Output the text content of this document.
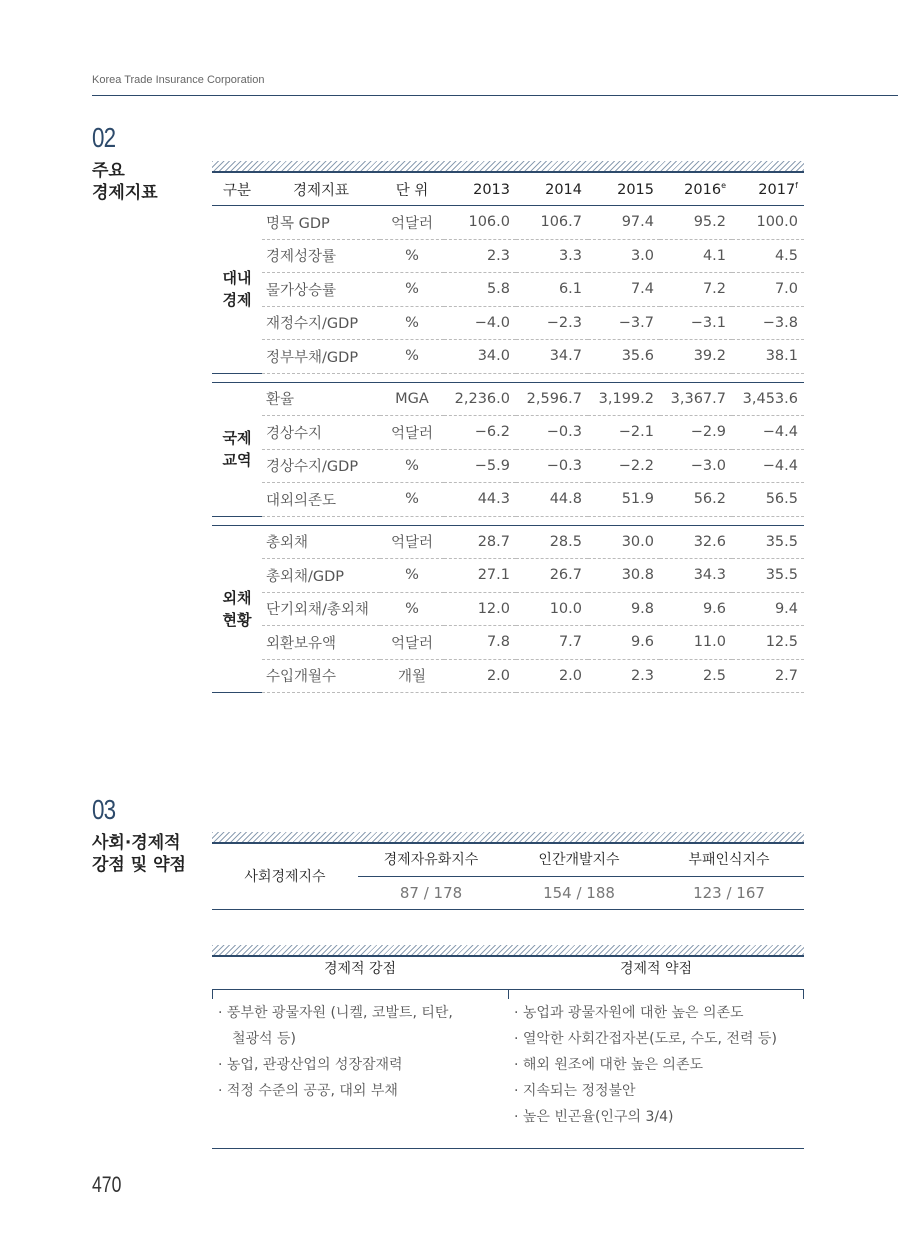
Korea Trade Insurance Corporation
02
주요
경제지표	구분	경제지표	단 위	2013	2014	2015	2016e	2017$^f$

대내
경제	명목 GDP	억달러	106.0	106.7	97.4	95.2	100.0
	경제성장률	%	2.3	3.3	3.0	4.1	4.5
	물가상승률	%	5.8	6.1	7.4	7.2	7.0
	재정수지/GDP	%	−4.0	−2.3	−3.7	−3.1	−3.8
	정부부채/GDP	%	34.0	34.7	35.6	39.2	38.1

국제
교역	환율	MGA	2,236.0	2,596.7	3,199.2	3,367.7	3,453.6
	경상수지	억달러	−6.2	−0.3	−2.1	−2.9	−4.4
	경상수지/GDP	%	−5.9	−0.3	−2.2	−3.0	−4.4
	대외의존도	%	44.3	44.8	51.9	56.2	56.5

외채
현황	총외채	억달러	28.7	28.5	30.0	32.6	35.5
	총외채/GDP	%	27.1	26.7	30.8	34.3	35.5
	단기외채/총외채	%	12.0	10.0	9.8	9.6	9.4
	외환보유액	억달러	7.8	7.7	9.6	11.0	12.5
	수입개월수	개월	2.0	2.0	2.3	2.5	2.7
03
사회·경제적
강점 및 약점
사회경제지수	경제자유화지수	인간개발지수	부패인식지수
	87 / 178	154 / 188	123 / 167
경제적 강점	경제적 약점

· 풍부한 광물자원 (니켈, 코발트, 티탄,

철광석 등)

· 농업, 관광산업의 성장잠재력

· 적정 수준의 공공, 대외 부채

· 농업과 광물자원에 대한 높은 의존도

· 열악한 사회간접자본(도로, 수도, 전력 등)

· 해외 원조에 대한 높은 의존도

· 지속되는 정정불안

· 높은 빈곤율(인구의 3/4)

470
